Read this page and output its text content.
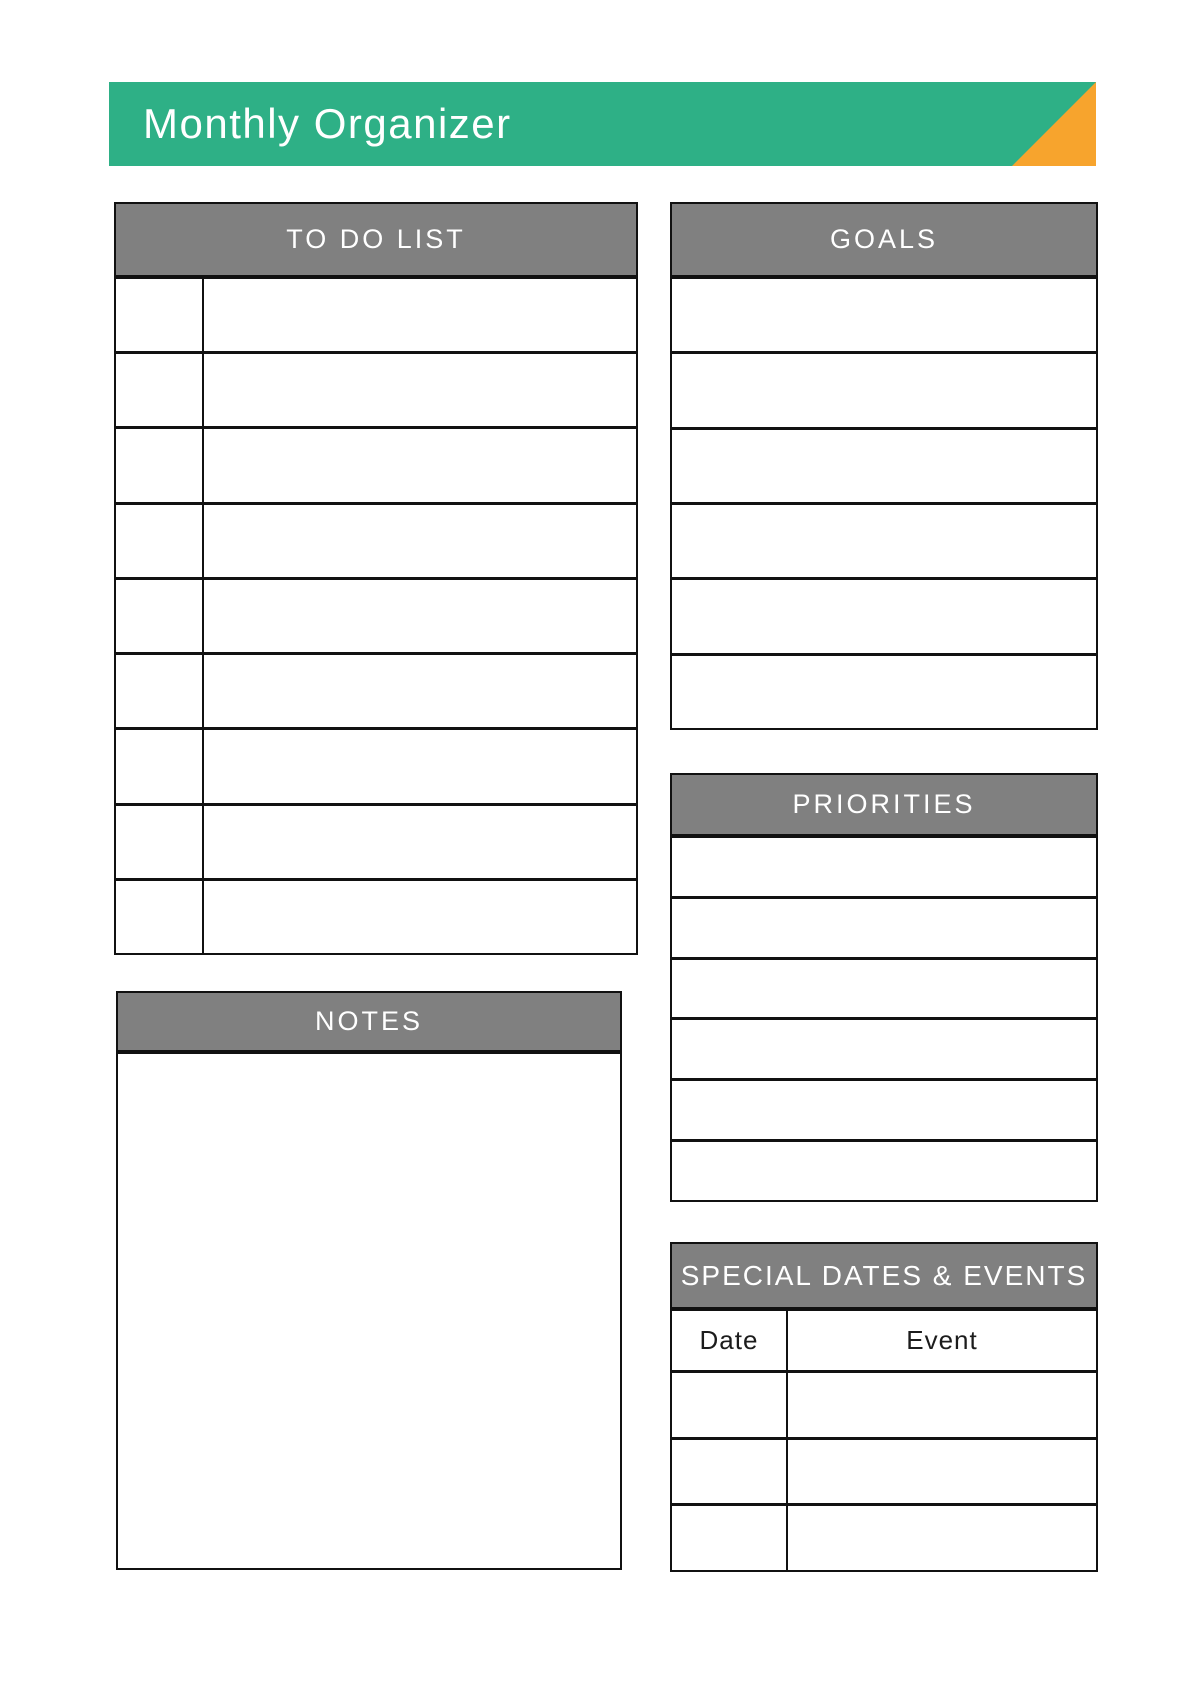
Monthly Organizer
TO DO LIST	GOALS
PRIORITIES
NOTES
SPECIAL DATES & EVENTS
Date	Event
